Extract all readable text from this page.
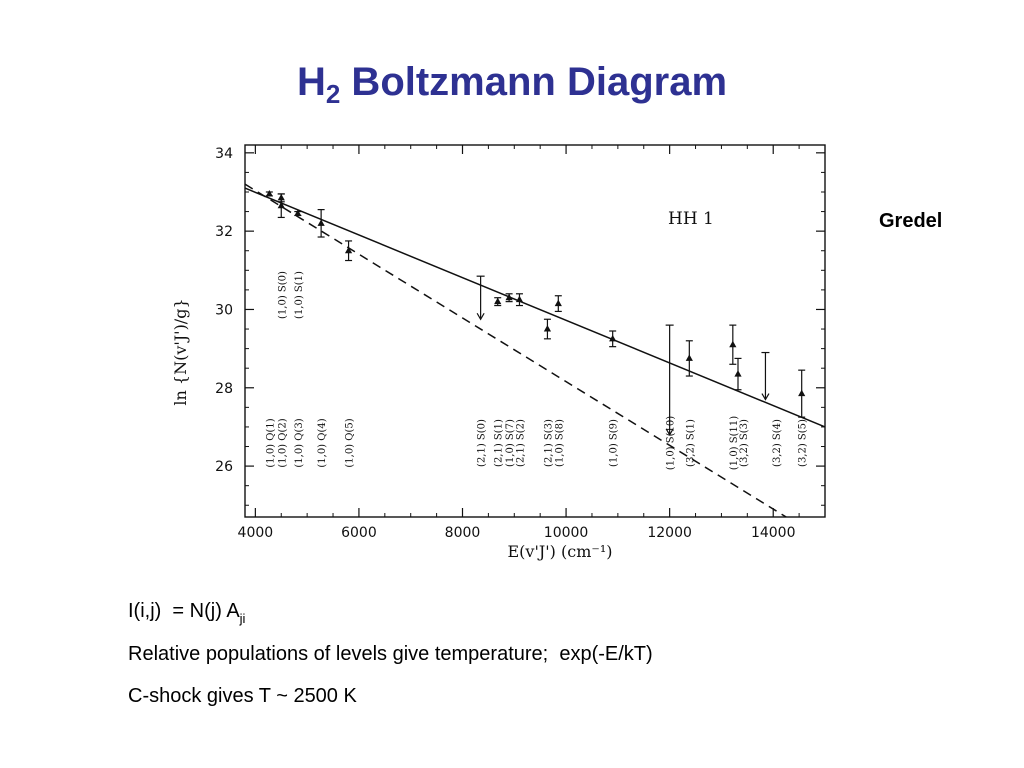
$H_2$ Boltzmann Diagram
Gredel
4000	6000	8000	10000	12000	14000
26
28
30
32
34
(1,0) Q(1) (1,0) Q(2)
(1,0) S(0)
(1,0) Q(3)
(1,0) S(1)
(1,0) Q(4) (1,0) Q(5)	(2,1) S(0) (2,1) S(1) (1,0) S(7) (2,1) S(2) (2,1) S(3) (1,0) S(8)	(1,0) S(9)	(1,0) S(10) (3,2) S(1)	(1,0) S(11) (3,2) S(3) (3,2) S(4) (3,2) S(5)
HH 1
E(v'J') (cm⁻¹)
ln {N(v'J')/g}
I(i,j)  = N(j) $A_{ji}$
Relative populations of levels give temperature;  exp(-E/kT)
C-shock gives T ~ 2500 K
